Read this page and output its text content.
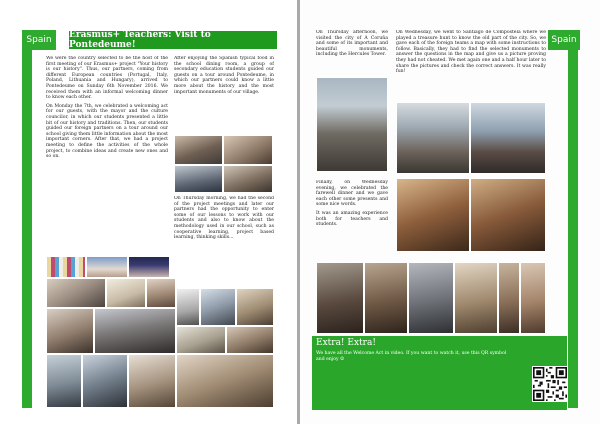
Spain	Erasmus+ Teachers: Visit to Pontedeume!

We were the country selected to be the host of the first meeting of our Erasmus+ project "Your history is our history". Thus, our partners, coming from different European countries (Portugal, Italy, Poland, Lithuania and Hungary), arrived to Pontedeume on Sunday 6th November 2016. We received them with an informal welcoming dinner to know each other.

On Monday the 7th, we celebrated a welcoming act for our guests, with the mayor and the culture councilor, in which our students presented a little bit of our history and traditions. Then, our students guided our foreign partners on a tour around our school giving them little information about the most important corners. After that, we had a project meeting to define the activities of the whole project, to combine ideas and create new ones and so on.

After enjoying the Spanish typical food in the school dining room, a group of secondary education students guided our guests on a tour around Pontedeume, in which our partners could know a little more about the history and the most important monuments of our village.

On Thursday morning, we had the second of the project meetings and later our partners had the opportunity to enter some of our lessons to work with our students and also to know about the methodology used in our school, such as cooperative learning, project based learning, thinking skills...

Spain

On Thursday afternoon, we visited the city of A Coruña and some of its important and beautiful monuments, including the Hercules Tower.

On Wednesday, we went to Santiago de Compostela where we played a treasure hunt to know the old part of the city. So, we gave each of the foreign teams a map with some instructions to follow. Basically, they had to find the selected monuments to answer the questions in the map and give us a picture proving they had not cheated. We met again one and a half hour later to share the pictures and check the correct answers. It was really fun!

Finally, on Wednesday evening, we celebrated the farewell dinner and we gave each other some presents and some nice words.

It was an amazing experience both for teachers and students.

Extra! Extra!
We have all the Welcome Act in video. If you want to watch it, use this QR symbol and enjoy ☺
